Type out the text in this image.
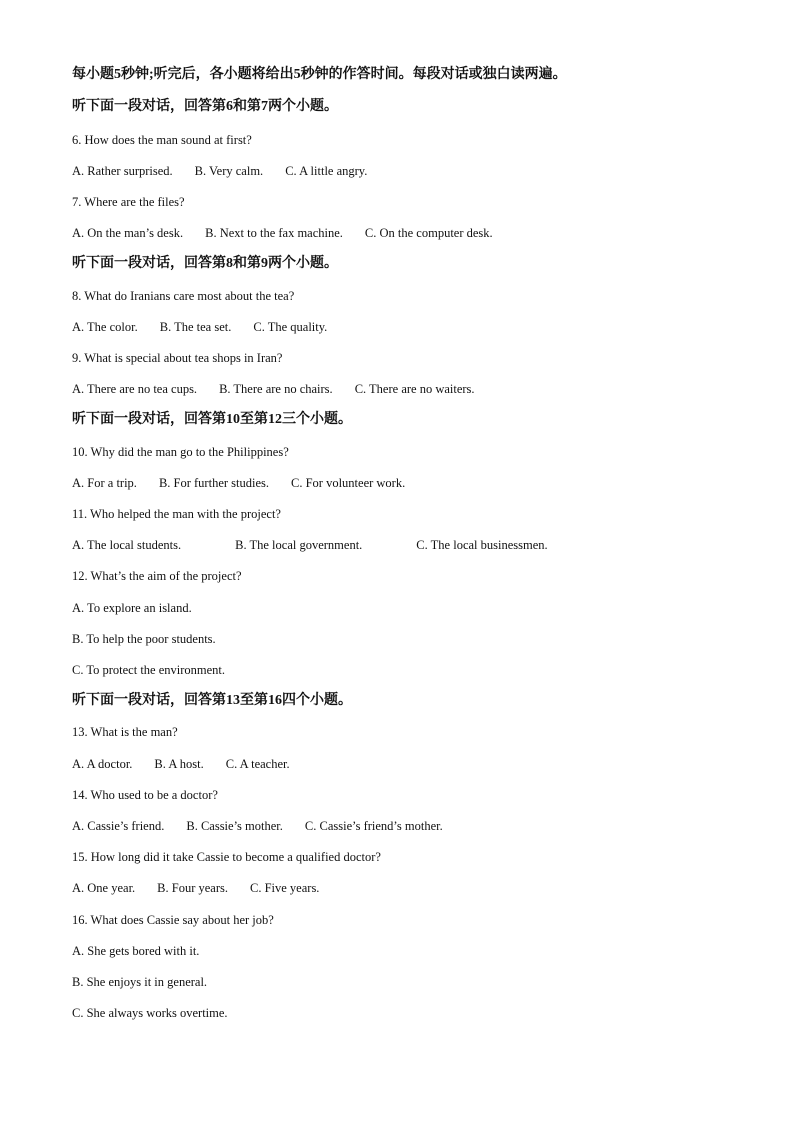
每小题5秒钟;听完后，各小题将给出5秒钟的作答时间。每段对话或独白读两遍。
听下面一段对话，回答第6和第7两个小题。
6. How does the man sound at first?
A. Rather surprised. B. Very calm. C. A little angry.
7. Where are the files?
A. On the man’s desk. B. Next to the fax machine. C. On the computer desk.
听下面一段对话，回答第8和第9两个小题。
8. What do Iranians care most about the tea?
A. The color. B. The tea set. C. The quality.
9. What is special about tea shops in Iran?
A. There are no tea cups. B. There are no chairs. C. There are no waiters.
听下面一段对话，回答第10至第12三个小题。
10. Why did the man go to the Philippines?
A. For a trip. B. For further studies. C. For volunteer work.
11. Who helped the man with the project?
A. The local students.	B. The local government.	C. The local businessmen.
12. What’s the aim of the project?
A. To explore an island.
B. To help the poor students.
C. To protect the environment.
听下面一段对话，回答第13至第16四个小题。
13. What is the man?
A. A doctor. B. A host. C. A teacher.
14. Who used to be a doctor?
A. Cassie’s friend. B. Cassie’s mother. C. Cassie’s friend’s mother.
15. How long did it take Cassie to become a qualified doctor?
A. One year. B. Four years. C. Five years.
16. What does Cassie say about her job?
A. She gets bored with it.
B. She enjoys it in general.
C. She always works overtime.
